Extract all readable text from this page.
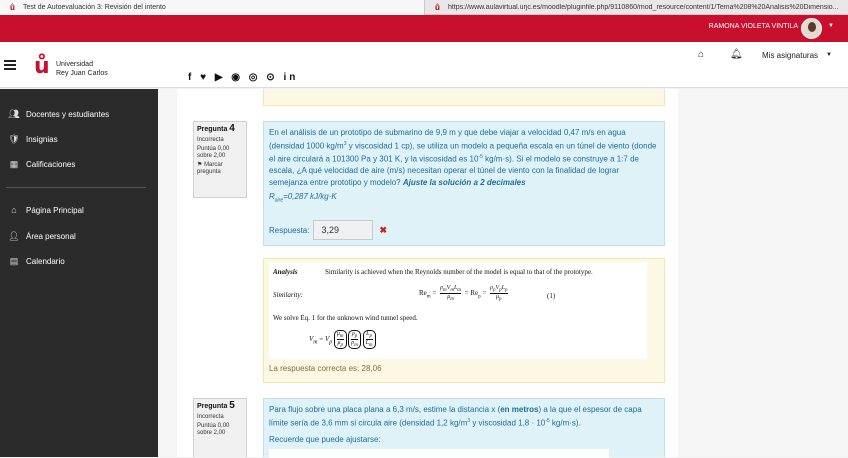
ů	Test de Autoevaluación 3: Revisión del intento	ů	https://www.aulavirtual.urjc.es/moodle/pluginfile.php/9110860/mod_resource/content/1/Tema%208%20Analisis%20Dimensio...
RAMONA VIOLETA VINTILA	▼
ů Universidad
Rey Juan Carlos	f ♥ ▶ ◉ ◎ ⊙ in
⌂	🔔︎ Mis asignaturas ▼
👥︎ Docentes y estudiantes
🛡︎ Insignias
▦ Calificaciones
⌂ Página Principal
👤︎ Área personal
▤ Calendario
Pregunta 4
Incorrecta
Puntúa 0,00
sobre 2,00
⚑ Marcar pregunta
En el análisis de un prototipo de submarino de 9,9 m y que debe viajar a velocidad 0,47 m/s en agua (densidad 1000 $kg/m^3$ y viscosidad 1 cp), se utiliza un modelo a pequeña escala en un túnel de viento (donde el aire circulará a 101300 Pa y 301 K, y la viscosidad es $10^{-5}$ kg/m·s). Si el modelo se construye a 1:7 de escala, ¿A qué velocidad de aire (m/s) necesitan operar el túnel de viento con la finalidad de lograr semejanza entre prototipo y modelo? Ajuste la solución a 2 decimales
$R_{aire}=0,287$ kJ/kg·K
Respuesta:	3,29	✖
Analysis	Similarity is achieved when the Reynolds number of the model is equal to that of the prototype.
Similarity:	$Re_m$ =
$\rho_mV_mL_m$
$\mu_m$
= $Re_p$ =
$\rho_pV_pL_p$
$\mu_p$	(1)
We solve Eq. 1 for the unknown wind tunnel speed.
$V_m = V_p \frac{\mu_m}{\mu_p}$
$\frac{\rho_p}{\rho_m}$
$\frac{L_p}{L_m}$
La respuesta correcta es: 28,06
Pregunta 5
Incorrecta
Puntúa 0,00
sobre 2,00
Para flujo sobre una placa plana a 6,3 m/s, estime la distancia x (en metros) a la que el espesor de capa límite sería de 3,6 mm si circula aire (densidad 1,2 $kg/m^3$ y viscosidad $1,8 \cdot 10^{-5}$ kg/m·s).
Recuerde que puede ajustarse:
